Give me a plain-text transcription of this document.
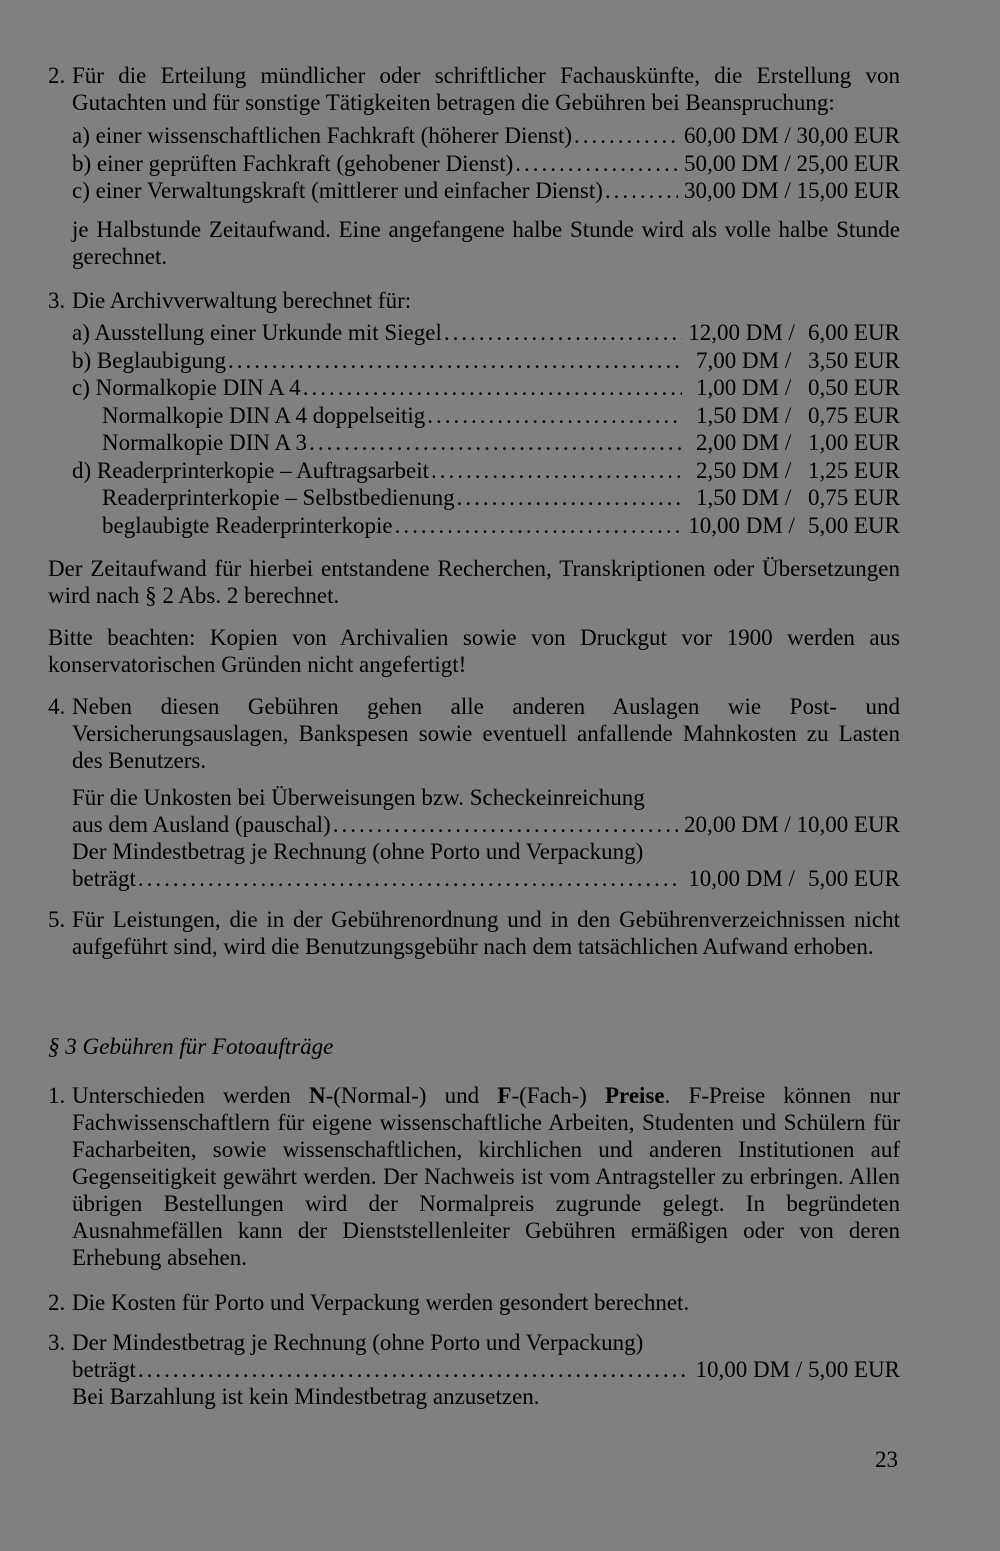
2. Für die Erteilung mündlicher oder schriftlicher Fachauskünfte, die Erstellung von Gutachten und für sonstige Tätigkeiten betragen die Gebühren bei Beanspruchung:
a) einer wissenschaftlichen Fachkraft (höherer Dienst) .....	60,00 DM / 30,00 EUR
b) einer geprüften Fachkraft (gehobener Dienst) .....	50,00 DM / 25,00 EUR
c) einer Verwaltungskraft (mittlerer und einfacher Dienst) .....	30,00 DM / 15,00 EUR
je Halbstunde Zeitaufwand. Eine angefangene halbe Stunde wird als volle halbe Stunde gerechnet.
3. Die Archivverwaltung berechnet für:
a) Ausstellung einer Urkunde mit Siegel .....	12,00 DM / 6,00 EUR
b) Beglaubigung .....	7,00 DM / 3,50 EUR
c) Normalkopie DIN A 4 .....	1,00 DM / 0,50 EUR
Normalkopie DIN A 4 doppelseitig .....	1,50 DM / 0,75 EUR
Normalkopie DIN A 3 .....	2,00 DM / 1,00 EUR
d) Readerprinterkopie – Auftragsarbeit .....	2,50 DM / 1,25 EUR
Readerprinterkopie – Selbstbedienung .....	1,50 DM / 0,75 EUR
beglaubigte Readerprinterkopie .....	10,00 DM / 5,00 EUR
Der Zeitaufwand für hierbei entstandene Recherchen, Transkriptionen oder Übersetzungen wird nach § 2 Abs. 2 berechnet.
Bitte beachten: Kopien von Archivalien sowie von Druckgut vor 1900 werden aus konservatorischen Gründen nicht angefertigt!
4. Neben diesen Gebühren gehen alle anderen Auslagen wie Post- und Versicherungsauslagen, Bankspesen sowie eventuell anfallende Mahnkosten zu Lasten des Benutzers.
Für die Unkosten bei Überweisungen bzw. Scheckeinreichung
aus dem Ausland (pauschal) .....	20,00 DM / 10,00 EUR
Der Mindestbetrag je Rechnung (ohne Porto und Verpackung)
beträgt .....	10,00 DM / 5,00 EUR
5. Für Leistungen, die in der Gebührenordnung und in den Gebührenverzeichnissen nicht aufgeführt sind, wird die Benutzungsgebühr nach dem tatsächlichen Aufwand erhoben.
§ 3 Gebühren für Fotoaufträge
1. Unterschieden werden N-(Normal-) und F-(Fach-) Preise. F-Preise können nur Fachwissenschaftlern für eigene wissenschaftliche Arbeiten, Studenten und Schülern für Facharbeiten, sowie wissenschaftlichen, kirchlichen und anderen Institutionen auf Gegenseitigkeit gewährt werden. Der Nachweis ist vom Antragsteller zu erbringen. Allen übrigen Bestellungen wird der Normalpreis zugrunde gelegt. In begründeten Ausnahmefällen kann der Dienststellenleiter Gebühren ermäßigen oder von deren Erhebung absehen.
2. Die Kosten für Porto und Verpackung werden gesondert berechnet.
3. Der Mindestbetrag je Rechnung (ohne Porto und Verpackung)
beträgt .....	10,00 DM / 5,00 EUR
Bei Barzahlung ist kein Mindestbetrag anzusetzen.
23
